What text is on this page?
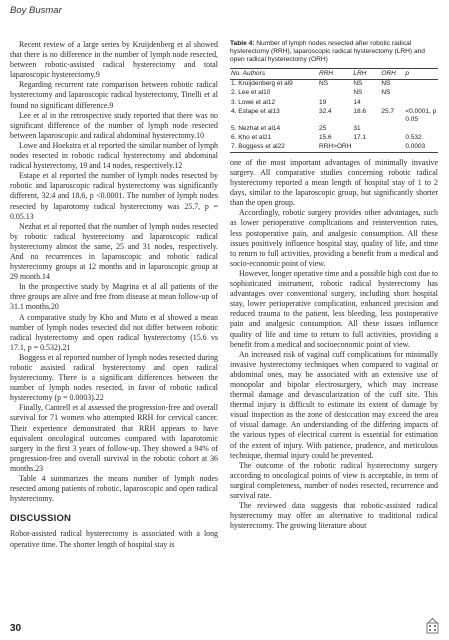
Boy Busmar

Recent review of a large series by Kruijdenberg et al showed that there is no difference in the number of lymph node resected, between robotic-assisted radical hysterectomy and total laparoscopic hysterectomy.9

Regarding recurrent rate comparison between robotic radical hysterectomy and laparoscopic radical hysterectomy, Tinelli et al found no significant difference.9

Lee et al in the retrospective study reported that there was no significant difference of the number of lymph node resected between laparoscopic and radical abdominal hysterectomy.10

Lowe and Hoekstra et al reported the similar number of lymph nodes resected in robotic radical hysterectomy and abdominal radical hysterectomy, 19 and 14 nodes, respectively.12

Estape et al reported the number of lymph nodes resected by robotic and laparoscopic radical hysterectomy was significantly different, 32.4 and 18.6, p <0.0001. The number of lymph nodes resected by laparotomy radical hysterectomy was 25.7, p = 0.05.13

Nezhat et al reported that the number of lymph nodes resected by robotic radical hysterectomy and laparoscopic radical hysterectomy almost the same, 25 and 31 nodes, respectively. And no recurrences in laparoscopic and robotic radical hysterectomy groups at 12 months and in laparoscopic group at 29 month.14

In the prospective study by Magrina et al all patients of the three groups are alive and free from disease at mean follow-up of 31.1 months.20

A comparative study by Kho and Muto et al showed a mean number of lymph nodes resected did not differ between robotic radical hysterectomy and open radical hysterectomy (15.6 vs 17.1, p = 0.532).21

Boggess et al reported number of lymph nodes resected during robotic assisted radical hysterectomy and open radical hysterectomy. There is a significant differences between the number of lymph nodes resected, in favor of robotic radical hysterectomy (p = 0.0003).22

Finally, Cantrell et al assessed the progression-free and overall survival for 71 women who attempted RRH for cervical cancer. Their experience demonstrated that RRH appears to have equivalent oncological outcomes compared with laparotomic surgery in the first 3 years of follow-up. They showed a 94% of progression-free and overall survival in the robotic cohort at 36 months.23

Table 4 summarizes the means number of lymph nodes resected among patients of robotic, laparoscopic and open radical hysterectomy.

DISCUSSION

Robot-assisted radical hysterectomy is associated with a long operative time. The shorter length of hospital stay is

Table 4: Number of lymph nodes resected after robotic radical hysterectomy (RRH), laparoscopic radical hysterectomy (LRH) and open radical hysterectomy (ORH)
No. Authors	RRH	LRH	ORH	p
1. Kruijdenberg et al9	NS	NS	NS	
2. Lee et al10		NS	NS	
3. Lowe et al12	19	14		
4. Estape et al13	32.4	18.6	25.7	<0.0001, p 0.05
5. Nezhat et al14	25	31		
6. Kho et al21	15.6	17.1		0.532
7. Boggess et al22	RRH>ORH			0.0003

one of the most important advantages of minimally invasive surgery. All comparative studies concerning robotic radical hysterectomy reported a mean length of hospital stay of 1 to 2 days, similar to the laparoscopic group, but significantly shorter than the open group.

Accordingly, robotic surgery provides other advantages, such as lower perioperative complications and reintervention rates, less postoperative pain, and analgesic consumption. All these issues positively influence hospital stay, quality of life, and time to return to full activities, providing a benefit from a medical and socio-economic point of view.

However, longer operative time and a possible high cost due to sophisticated instrument, robotic radical hysterectomy has advantages over conventional surgery, including short hospital stay, lower perioperative complication, enhanced precision and reduced trauma to the patient, less bleeding, less postoperative pain and analgesic consumption. All these issues influence quality of life and time to return to full activities, providing a benefit from a medical and socioeconomic point of view.

An increased risk of vaginal cuff complications for minimally invasive hysterectomy techniques when compared to vaginal or abdominal ones, may be associated with an extensive use of monopolar and bipolar electrosurgery, which may increase thermal damage and devascularization of the cuff site. This thermal injury is difficult to estimate its extent of damage by visual inspection as the zone of desiccation may exceed the area of visual damage. An understanding of the differing impacts of the various types of electrical current is essential for estimation of the extent of injury. With patience, prudence, and meticulous technique, thermal injury could be prevented.

The outcome of the robotic radical hysterectomy surgery according to oncological points of view is acceptable, in term of surgical completeness, number of nodes resected, recurrence and survival rate.

The reviewed data suggests that robotic-assisted radical hysterectomy may offer an alternative to traditional radical hysterectomy. The growing literature about

30
